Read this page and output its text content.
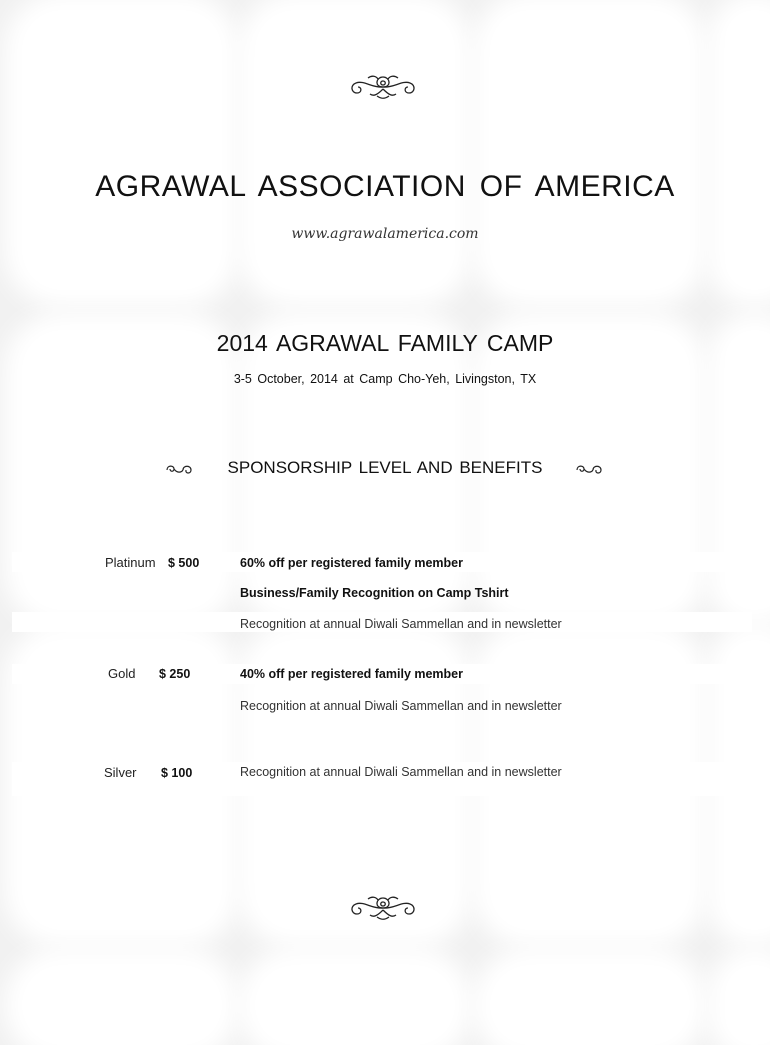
AGRAWAL ASSOCIATION OF AMERICA
www.agrawalamerica.com
2014 AGRAWAL FAMILY CAMP
3-5 October, 2014 at Camp Cho-Yeh, Livingston, TX
SPONSORSHIP LEVEL AND BENEFITS
Platinum $ 500	60% off per registered family member
Business/Family Recognition on Camp Tshirt
Recognition at annual Diwali Sammellan and in newsletter
Gold $ 250	40% off per registered family member
Recognition at annual Diwali Sammellan and in newsletter
Silver $ 100	Recognition at annual Diwali Sammellan and in newsletter
